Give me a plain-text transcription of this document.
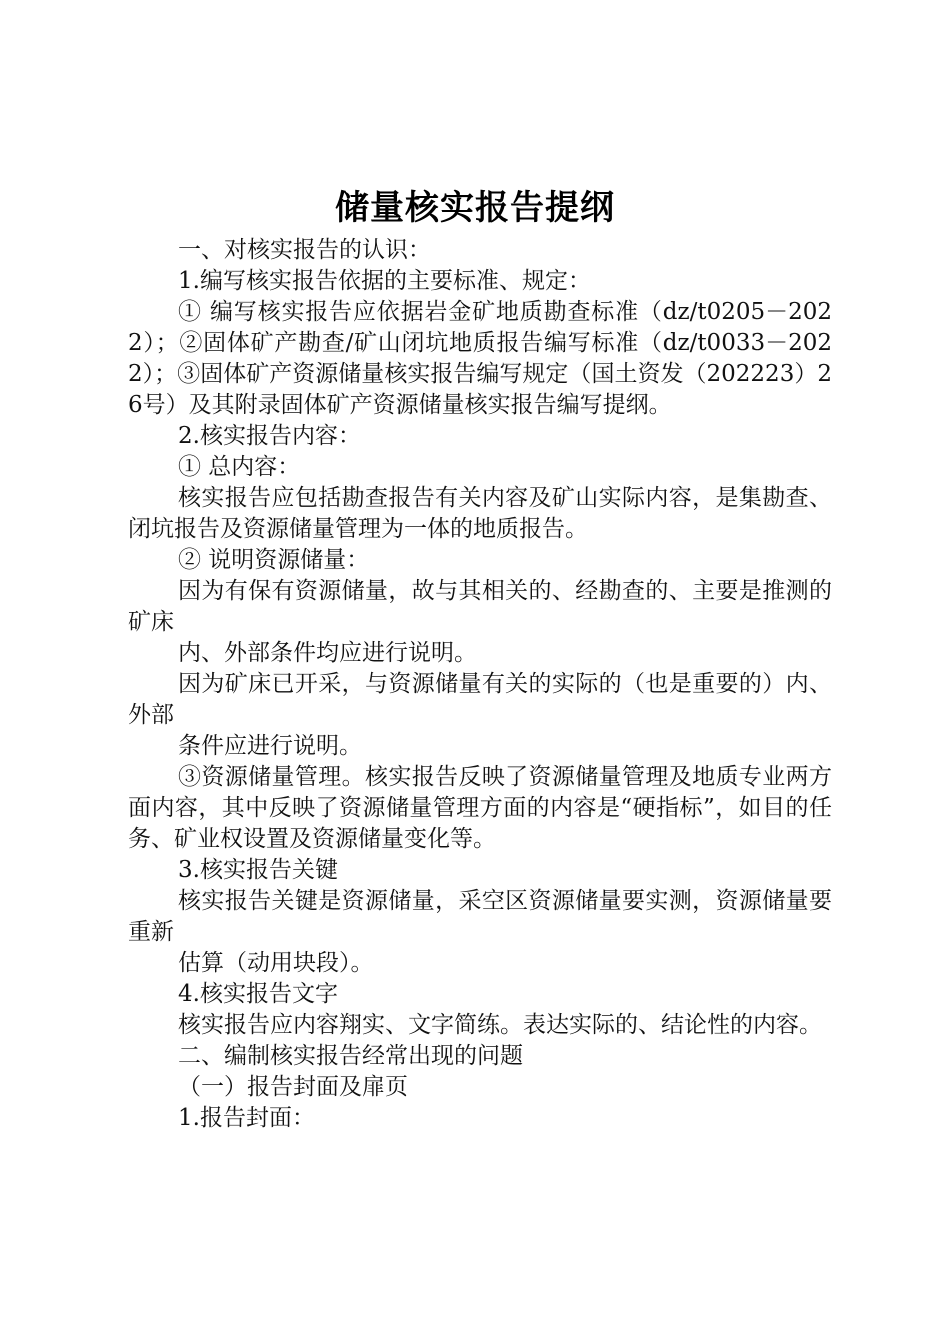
储量核实报告提纲

一、对核实报告的认识：

1.编写核实报告依据的主要标准、规定：

① 编写核实报告应依据岩金矿地质勘查标准（dz/t0205－2022）；②固体矿产勘查/矿山闭坑地质报告编写标准（dz/t0033－2022）；③固体矿产资源储量核实报告编写规定（国土资发（202223）26号）及其附录固体矿产资源储量核实报告编写提纲。

2.核实报告内容：

① 总内容：

核实报告应包括勘查报告有关内容及矿山实际内容，是集勘查、闭坑报告及资源储量管理为一体的地质报告。

② 说明资源储量：

因为有保有资源储量，故与其相关的、经勘查的、主要是推测的矿床

内、外部条件均应进行说明。

因为矿床已开采，与资源储量有关的实际的（也是重要的）内、外部

条件应进行说明。

③资源储量管理。核实报告反映了资源储量管理及地质专业两方面内容，其中反映了资源储量管理方面的内容是“硬指标”，如目的任务、矿业权设置及资源储量变化等。

3.核实报告关键

核实报告关键是资源储量，采空区资源储量要实测，资源储量要重新

估算（动用块段）。

4.核实报告文字

核实报告应内容翔实、文字简练。表达实际的、结论性的内容。

二、编制核实报告经常出现的问题

（一）报告封面及扉页

1.报告封面：
